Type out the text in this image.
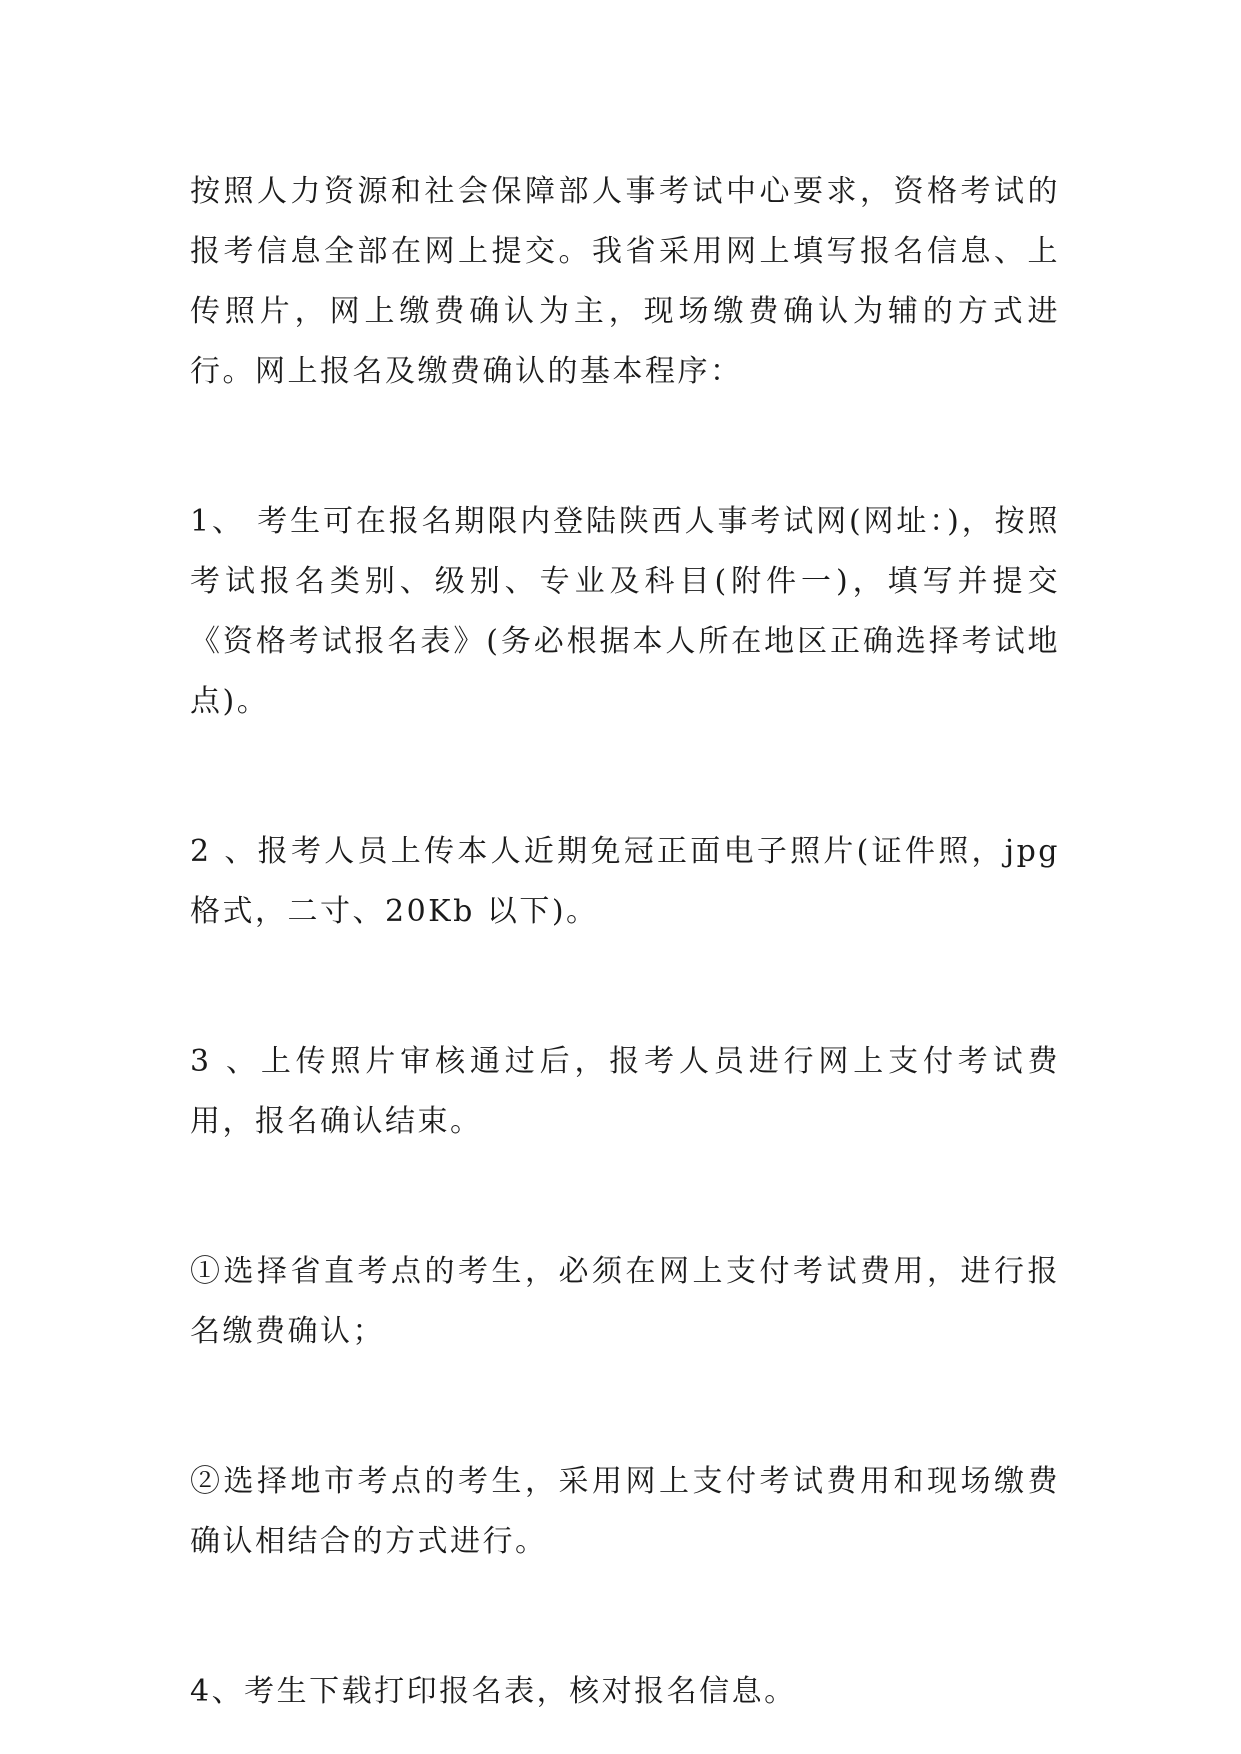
按照人力资源和社会保障部人事考试中心要求，资格考试的报考信息全部在网上提交。我省采用网上填写报名信息、上传照片，网上缴费确认为主，现场缴费确认为辅的方式进行。网上报名及缴费确认的基本程序：

1、 考生可在报名期限内登陆陕西人事考试网(网址：)，按照考试报名类别、级别、专业及科目(附件一)，填写并提交《资格考试报名表》(务必根据本人所在地区正确选择考试地点)。

2 、报考人员上传本人近期免冠正面电子照片(证件照，jpg 格式，二寸、20Kb 以下)。

3 、上传照片审核通过后，报考人员进行网上支付考试费用，报名确认结束。

①选择省直考点的考生，必须在网上支付考试费用，进行报名缴费确认；

②选择地市考点的考生，采用网上支付考试费用和现场缴费确认相结合的方式进行。

4、考生下载打印报名表，核对报名信息。
